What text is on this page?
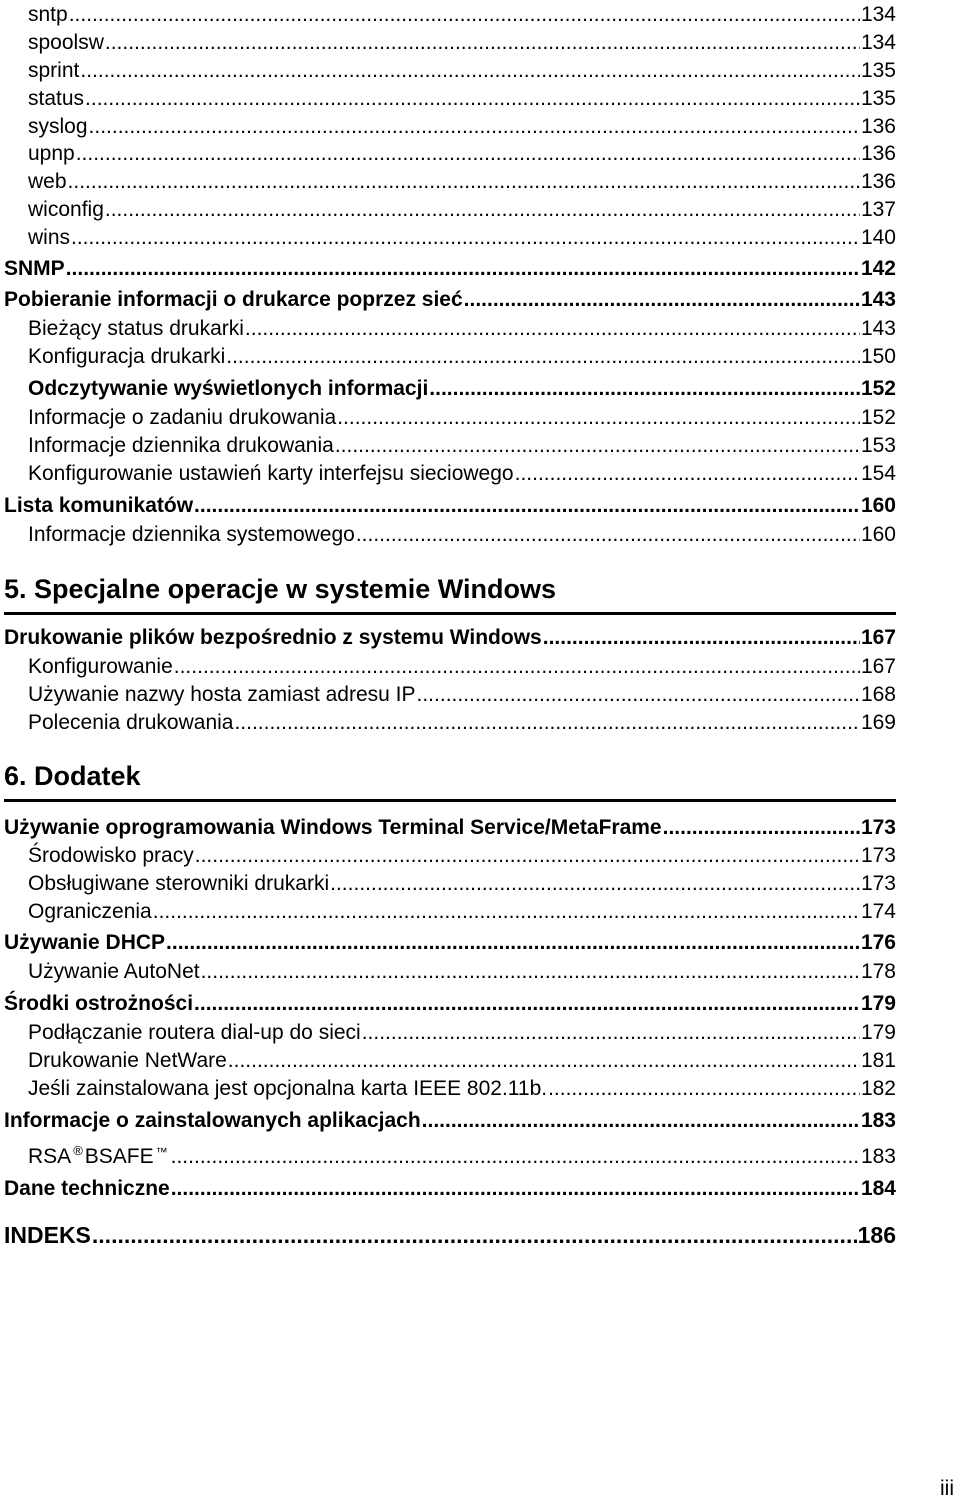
sntp .....	134
spoolsw .....	134
sprint .....	135
status .....	135
syslog .....	136
upnp .....	136
web .....	136
wiconfig .....	137
wins .....	140
SNMP .....	142
Pobieranie informacji o drukarce poprzez sieć .....	143
Bieżący status drukarki .....	143
Konfiguracja drukarki .....	150
Odczytywanie wyświetlonych informacji .....	152
Informacje o zadaniu drukowania .....	152
Informacje dziennika drukowania .....	153
Konfigurowanie ustawień karty interfejsu sieciowego .....	154
Lista komunikatów .....	160
Informacje dziennika systemowego .....	160
5. Specjalne operacje w systemie Windows
Drukowanie plików bezpośrednio z systemu Windows .....	167
Konfigurowanie .....	167
Używanie nazwy hosta zamiast adresu IP .....	168
Polecenia drukowania .....	169
6. Dodatek
Używanie oprogramowania Windows Terminal Service/MetaFrame .....	173
Środowisko pracy .....	173
Obsługiwane sterowniki drukarki .....	173
Ograniczenia .....	174
Używanie DHCP .....	176
Używanie AutoNet .....	178
Środki ostrożności .....	179
Podłączanie routera dial-up do sieci .....	179
Drukowanie NetWare .....	181
Jeśli zainstalowana jest opcjonalna karta IEEE 802.11b. .....	182
Informacje o zainstalowanych aplikacjach .....	183
RSA ®BSAFE ™ .....	183
Dane techniczne .....	184
INDEKS .....	186
iii
